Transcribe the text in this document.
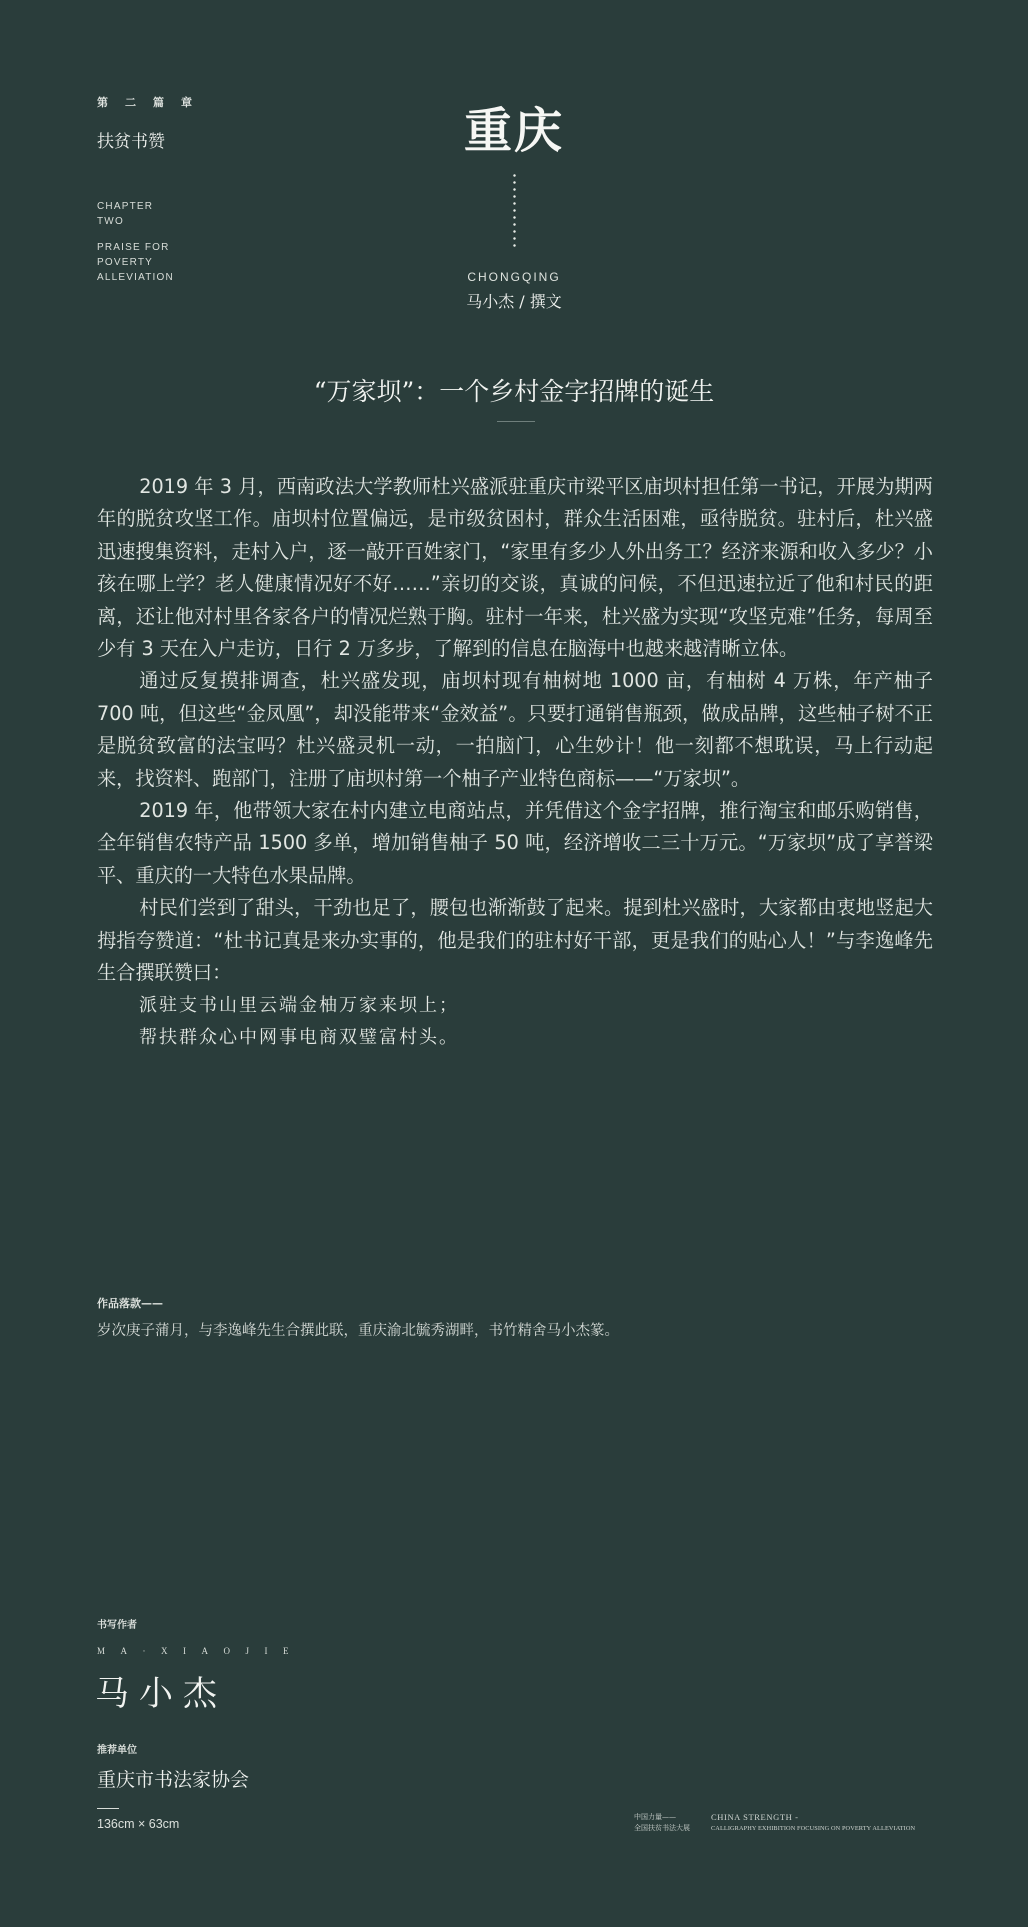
第二篇章
扶贫书赞
CHAPTER
TWO
PRAISE FOR
POVERTY
ALLEVIATION
重庆
CHONGQING
马小杰 / 撰文
“万家坝”：一个乡村金字招牌的诞生

2019 年 3 月，西南政法大学教师杜兴盛派驻重庆市梁平区庙坝村担任第一书记，开展为期两年的脱贫攻坚工作。庙坝村位置偏远，是市级贫困村，群众生活困难，亟待脱贫。驻村后，杜兴盛迅速搜集资料，走村入户，逐一敲开百姓家门，“家里有多少人外出务工？经济来源和收入多少？小孩在哪上学？老人健康情况好不好……”亲切的交谈，真诚的问候，不但迅速拉近了他和村民的距离，还让他对村里各家各户的情况烂熟于胸。驻村一年来，杜兴盛为实现“攻坚克难”任务，每周至少有 3 天在入户走访，日行 2 万多步，了解到的信息在脑海中也越来越清晰立体。

通过反复摸排调查，杜兴盛发现，庙坝村现有柚树地 1000 亩，有柚树 4 万株，年产柚子 700 吨，但这些“金凤凰”，却没能带来“金效益”。只要打通销售瓶颈，做成品牌，这些柚子树不正是脱贫致富的法宝吗？杜兴盛灵机一动，一拍脑门，心生妙计！他一刻都不想耽误，马上行动起来，找资料、跑部门，注册了庙坝村第一个柚子产业特色商标——“万家坝”。

2019 年，他带领大家在村内建立电商站点，并凭借这个金字招牌，推行淘宝和邮乐购销售，全年销售农特产品 1500 多单，增加销售柚子 50 吨，经济增收二三十万元。“万家坝”成了享誉梁平、重庆的一大特色水果品牌。

村民们尝到了甜头，干劲也足了，腰包也渐渐鼓了起来。提到杜兴盛时，大家都由衷地竖起大拇指夸赞道：“杜书记真是来办实事的，他是我们的驻村好干部，更是我们的贴心人！”与李逸峰先生合撰联赞曰：

派驻支书山里云端金柚万家来坝上；
帮扶群众心中网事电商双璧富村头。
作品落款——
岁次庚子蒲月，与李逸峰先生合撰此联，重庆渝北毓秀湖畔，书竹精舍马小杰篆。
书写作者
MA·XIAOJIE
马小杰
推荐单位
重庆市书法家协会
136cm × 63cm	中国力量——
全国扶贫书法大展
CHINA STRENGTH -
CALLIGRAPHY EXHIBITION FOCUSING ON POVERTY ALLEVIATION
